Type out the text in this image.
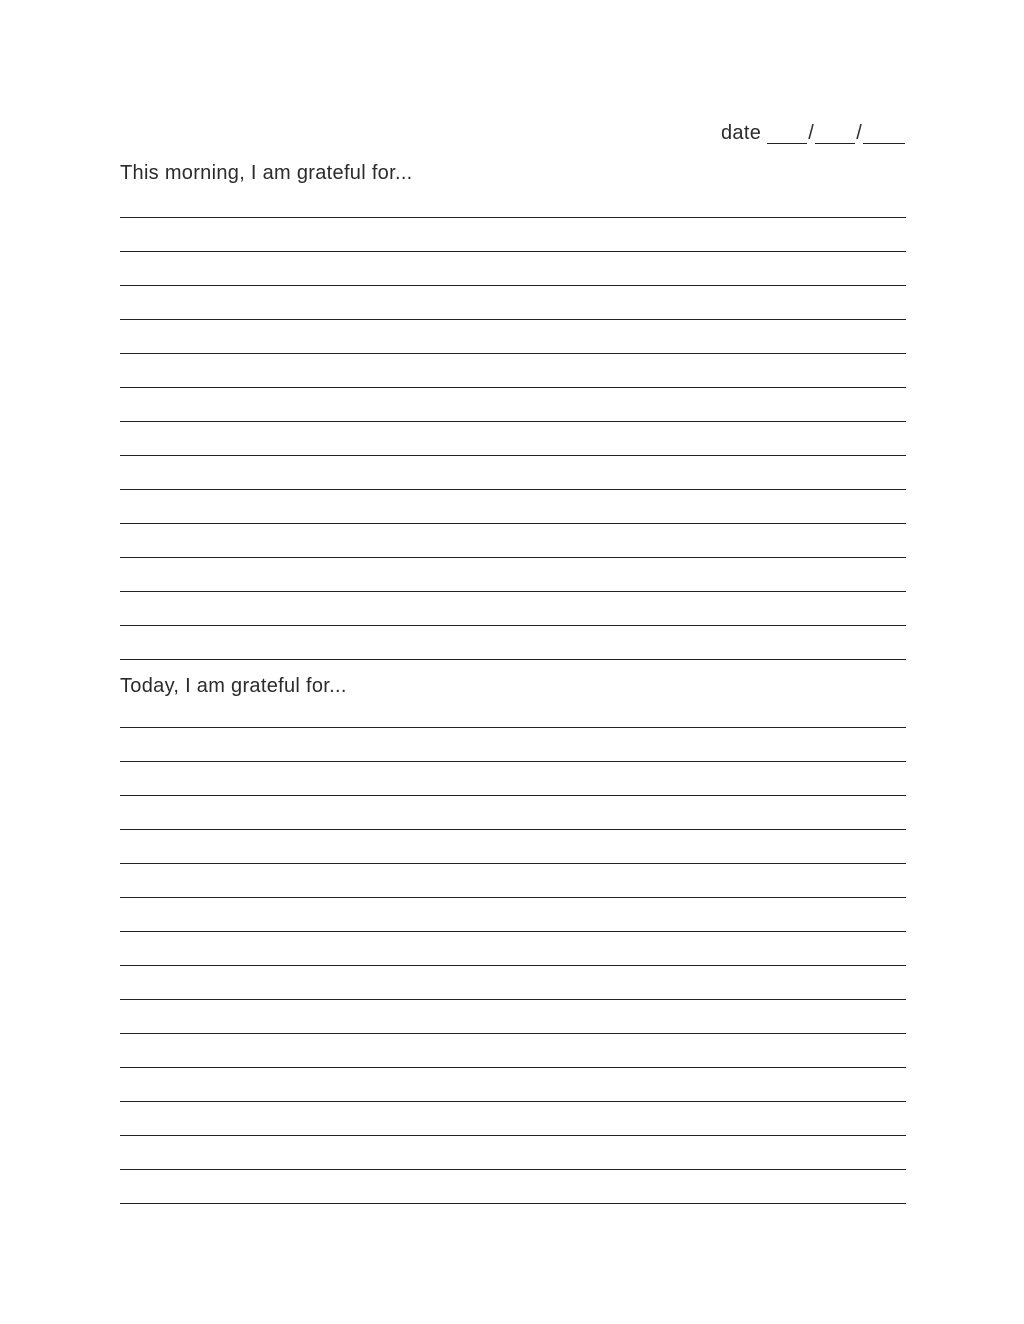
date / /
This morning, I am grateful for...
Today, I am grateful for...
